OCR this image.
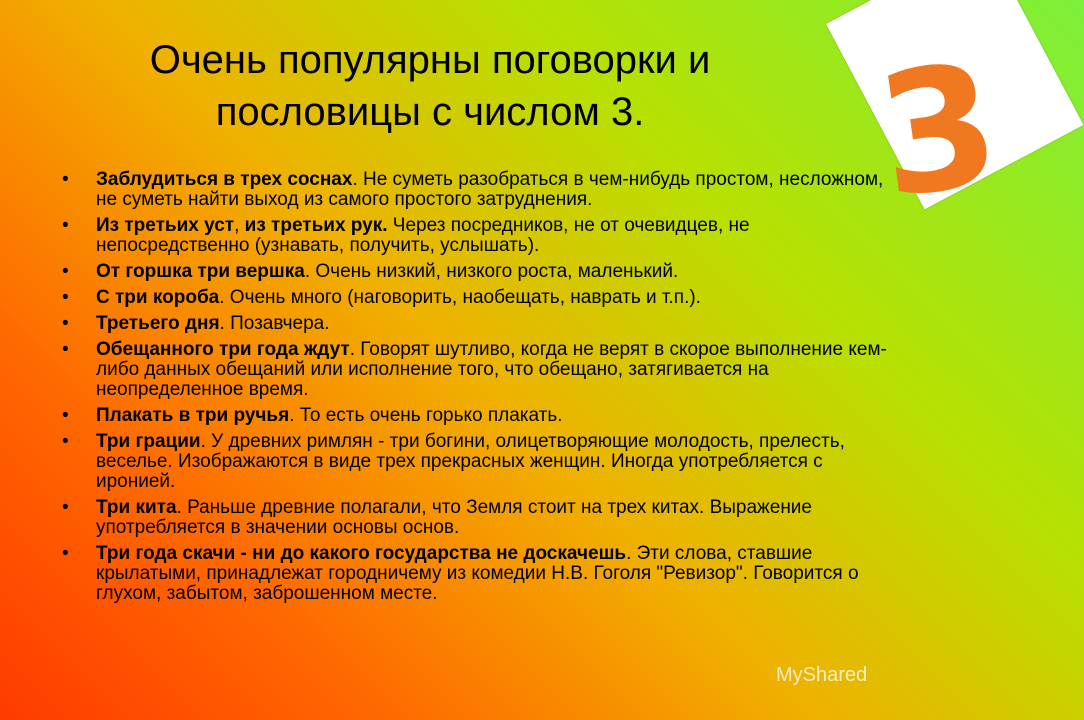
3
Очень популярны поговорки и
пословицы с числом 3.
•	Заблудиться в трех соснах. Не суметь разобраться в чем-нибудь простом, несложном, не суметь найти выход из самого простого затруднения.
•	Из третьих уст, из третьих рук. Через посредников, не от очевидцев, не непосредственно (узнавать, получить, услышать).
•	От горшка три вершка. Очень низкий, низкого роста, маленький.
•	С три короба. Очень много (наговорить, наобещать, наврать и т.п.).
•	Третьего дня. Позавчера.
•	Обещанного три года ждут. Говорят шутливо, когда не верят в скорое выполнение кем-либо данных обещаний или исполнение того, что обещано, затягивается на неопределенное время.
•	Плакать в три ручья. То есть очень горько плакать.
•	Три грации. У древних римлян - три богини, олицетворяющие молодость, прелесть, веселье. Изображаются в виде трех прекрасных женщин. Иногда употребляется с иронией.
•	Три кита. Раньше древние полагали, что Земля стоит на трех китах. Выражение употребляется в значении основы основ.
•	Три года скачи - ни до какого государства не доскачешь. Эти слова, ставшие крылатыми, принадлежат городничему из комедии Н.В. Гоголя "Ревизор". Говорится о глухом, забытом, заброшенном месте.
MyShared
